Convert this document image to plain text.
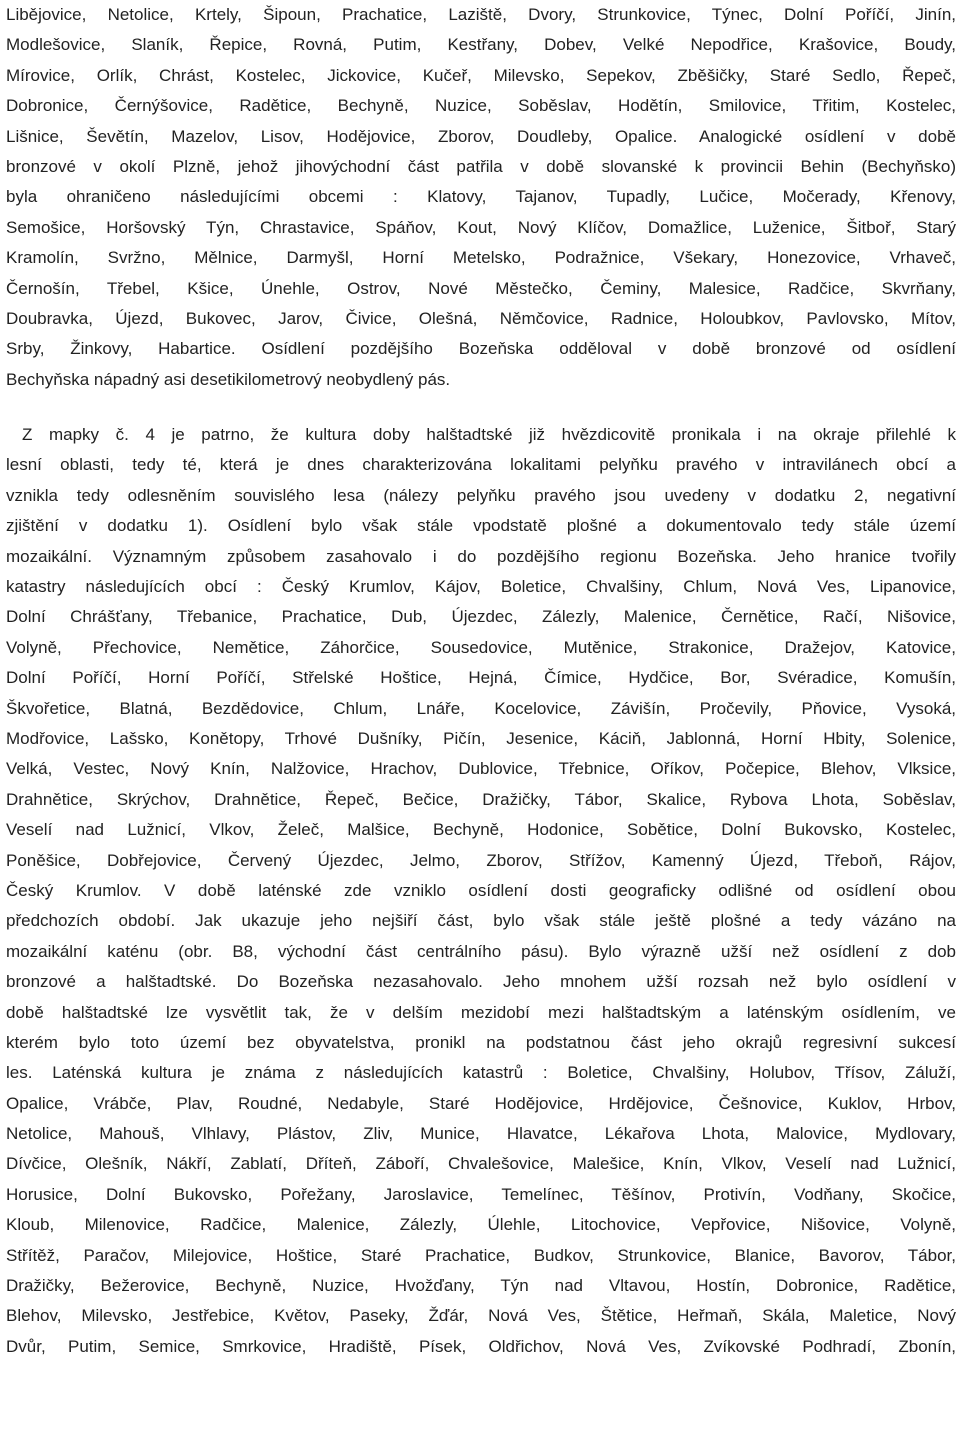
Libějovice, Netolice, Krtely, Šipoun, Prachatice, Laziště, Dvory, Strunkovice, Týnec, Dolní Poříčí, Jinín,
Modlešovice, Slaník, Řepice, Rovná, Putim, Kestřany, Dobev, Velké Nepodřice, Krašovice, Boudy,
Mírovice, Orlík, Chrást, Kostelec, Jickovice, Kučeř, Milevsko, Sepekov, Zběšičky, Staré Sedlo, Řepeč,
Dobronice, Černýšovice, Radětice, Bechyně, Nuzice, Soběslav, Hodětín, Smilovice, Třitim, Kostelec,
Lišnice, Ševětín, Mazelov, Lisov, Hodějovice, Zborov, Doudleby, Opalice. Analogické osídlení v době
bronzové v okolí Plzně, jehož jihovýchodní část patřila v době slovanské k provincii Behin (Bechyňsko)
byla ohraničeno následujícími obcemi : Klatovy, Tajanov, Tupadly, Lučice, Močerady, Křenovy,
Semošice, Horšovský Týn, Chrastavice, Spáňov, Kout, Nový Klíčov, Domažlice, Luženice, Šitboř, Starý
Kramolín, Svržno, Mělnice, Darmyšl, Horní Metelsko, Podražnice, Všekary, Honezovice, Vrhaveč,
Černošín, Třebel, Kšice, Únehle, Ostrov, Nové Městečko, Čeminy, Malesice, Radčice, Skvrňany,
Doubravka, Újezd, Bukovec, Jarov, Čivice, Olešná, Němčovice, Radnice, Holoubkov, Pavlovsko, Mítov,
Srby, Žinkovy, Habartice. Osídlení pozdějšího Bozeňska odděloval v době bronzové od osídlení
Bechyňska nápadný asi desetikilometrový neobydlený pás.
Z mapky č. 4 je patrno, že kultura doby halštadtské již hvězdicovitě pronikala i na okraje přilehlé k
lesní oblasti, tedy té, která je dnes charakterizována lokalitami pelyňku pravého v intravilánech obcí a
vznikla tedy odlesněním souvislého lesa (nálezy pelyňku pravého jsou uvedeny v dodatku 2, negativní
zjištění v dodatku 1). Osídlení bylo však stále vpodstatě plošné a dokumentovalo tedy stále území
mozaikální. Významným způsobem zasahovalo i do pozdějšího regionu Bozeňska. Jeho hranice tvořily
katastry následujících obcí : Český Krumlov, Kájov, Boletice, Chvalšiny, Chlum, Nová Ves, Lipanovice,
Dolní Chrášťany, Třebanice, Prachatice, Dub, Újezdec, Zálezly, Malenice, Černětice, Račí, Nišovice,
Volyně, Přechovice, Nemětice, Záhorčice, Sousedovice, Mutěnice, Strakonice, Dražejov, Katovice,
Dolní Poříčí, Horní Poříčí, Střelské Hoštice, Hejná, Čímice, Hydčice, Bor, Svéradice, Komušín,
Škvořetice, Blatná, Bezdědovice, Chlum, Lnáře, Kocelovice, Závišín, Pročevily, Pňovice, Vysoká,
Modřovice, Lašsko, Konětopy, Trhové Dušníky, Pičín, Jesenice, Káciň, Jablonná, Horní Hbity, Solenice,
Velká, Vestec, Nový Knín, Nalžovice, Hrachov, Dublovice, Třebnice, Oříkov, Počepice, Blehov, Vlksice,
Drahnětice, Skrýchov, Drahnětice, Řepeč, Bečice, Dražičky, Tábor, Skalice, Rybova Lhota, Soběslav,
Veselí nad Lužnicí, Vlkov, Želeč, Malšice, Bechyně, Hodonice, Sobětice, Dolní Bukovsko, Kostelec,
Poněšice, Dobřejovice, Červený Újezdec, Jelmo, Zborov, Střížov, Kamenný Újezd, Třeboň, Rájov,
Český Krumlov. V době laténské zde vzniklo osídlení dosti geograficky odlišné od osídlení obou
předchozích období. Jak ukazuje jeho nejšiří část, bylo však stále ještě plošné a tedy vázáno na
mozaikální katénu (obr. B8, východní část centrálního pásu). Bylo výrazně užší než osídlení z dob
bronzové a halštadtské. Do Bozeňska nezasahovalo. Jeho mnohem užší rozsah než bylo osídlení v
době halštadtské lze vysvětlit tak, že v delším mezidobí mezi halštadtským a laténským osídlením, ve
kterém bylo toto území bez obyvatelstva, pronikl na podstatnou část jeho okrajů regresivní sukcesí
les. Laténská kultura je známa z následujících katastrů : Boletice, Chvalšiny, Holubov, Třísov, Záluží,
Opalice, Vrábče, Plav, Roudné, Nedabyle, Staré Hodějovice, Hrdějovice, Češnovice, Kuklov, Hrbov,
Netolice, Mahouš, Vlhlavy, Plástov, Zliv, Munice, Hlavatce, Lékařova Lhota, Malovice, Mydlovary,
Dívčice, Olešník, Nákří, Zablatí, Dříteň, Záboří, Chvalešovice, Malešice, Knín, Vlkov, Veselí nad Lužnicí,
Horusice, Dolní Bukovsko, Pořežany, Jaroslavice, Temelínec, Těšínov, Protivín, Vodňany, Skočice,
Kloub, Milenovice, Radčice, Malenice, Zálezly, Úlehle, Litochovice, Vepřovice, Nišovice, Volyně,
Střítěž, Paračov, Milejovice, Hoštice, Staré Prachatice, Budkov, Strunkovice, Blanice, Bavorov, Tábor,
Dražičky, Bežerovice, Bechyně, Nuzice, Hvožďany, Týn nad Vltavou, Hostín, Dobronice, Radětice,
Blehov, Milevsko, Jestřebice, Květov, Paseky, Žďár, Nová Ves, Štětice, Heřmaň, Skála, Maletice, Nový
Dvůr, Putim, Semice, Smrkovice, Hradiště, Písek, Oldřichov, Nová Ves, Zvíkovské Podhradí, Zbonín,
